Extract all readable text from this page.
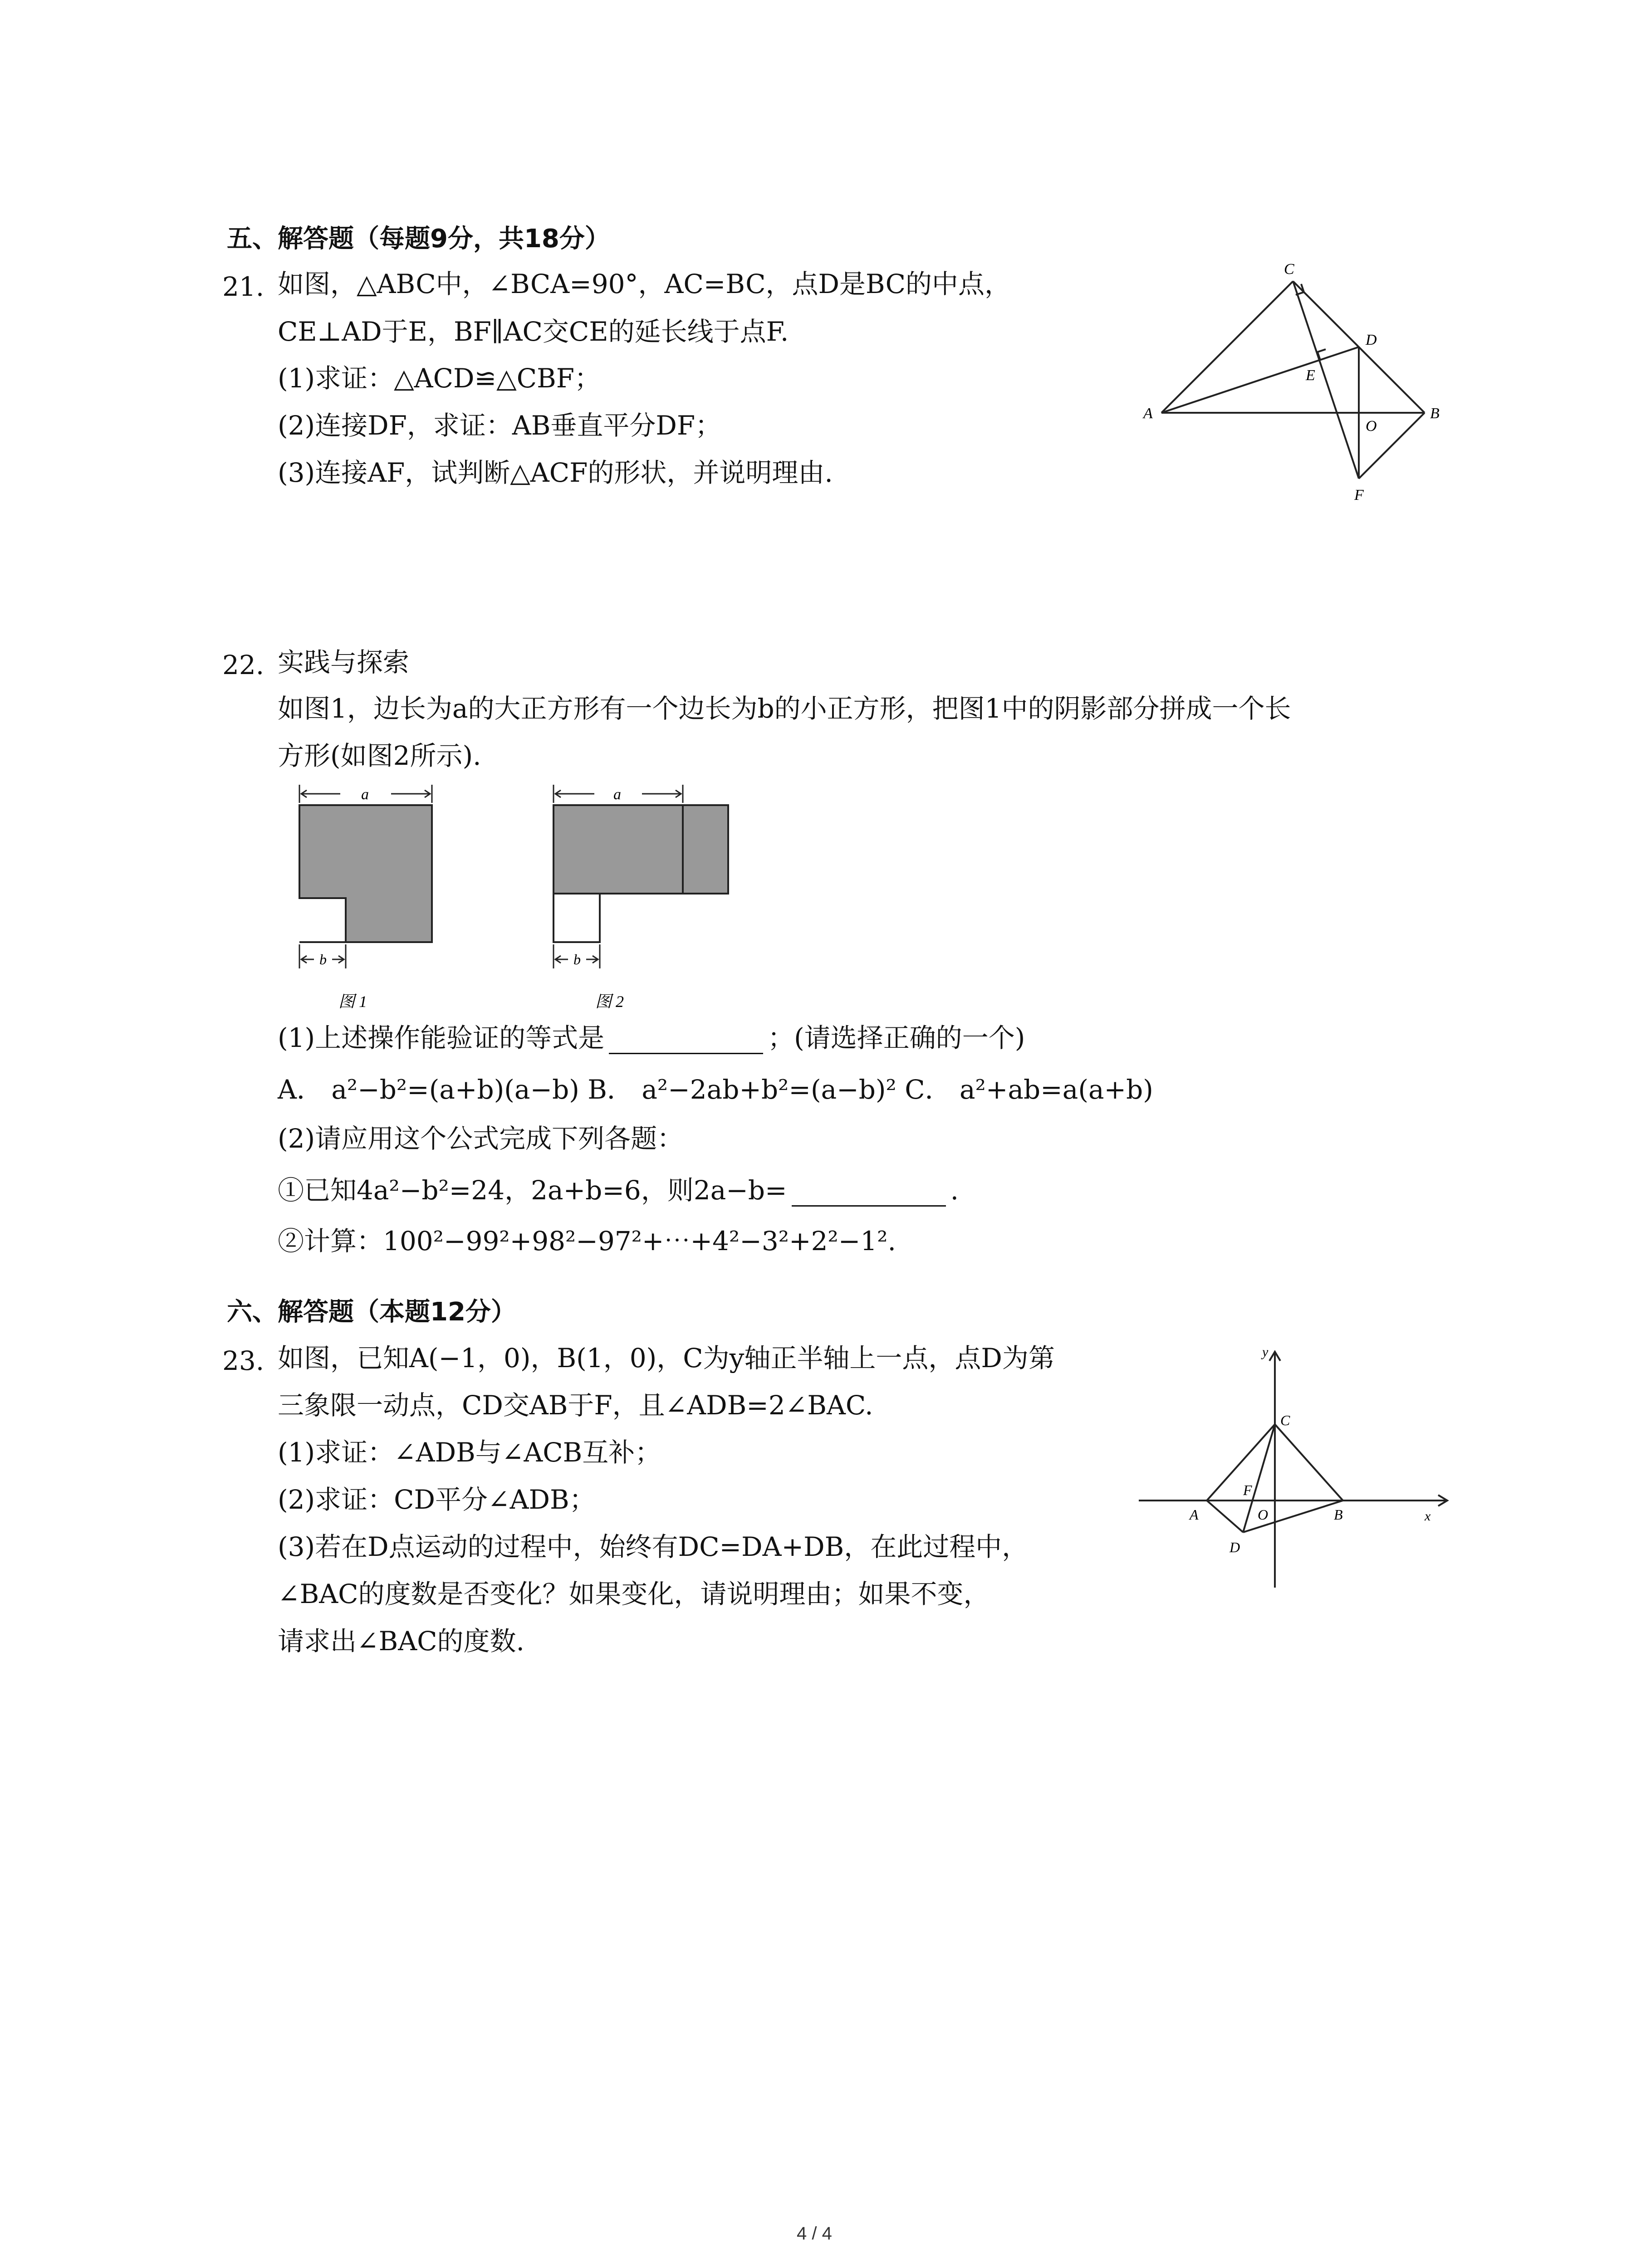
五、解答题（每题9分，共18分）
21. 如图，△ABC中，∠BCA=90°，AC=BC，点D是BC的中点，
CE⊥AD于E，BF∥AC交CE的延长线于点F.
(1)求证：△ACD≌△CBF；
(2)连接DF，求证：AB垂直平分DF；
(3)连接AF，试判断△ACF的形状，并说明理由.
C
D
E
A
O
B
F
22. 实践与探索
如图1，边长为a的大正方形有一个边长为b的小正方形，把图1中的阴影部分拼成一个长
方形(如图2所示).
a
b
图 1
a
b
图 2
(1)上述操作能验证的等式是	；(请选择正确的一个)
A． a²−b²=(a+b)(a−b) B． a²−2ab+b²=(a−b)² C． a²+ab=a(a+b)
(2)请应用这个公式完成下列各题：
①已知4a²−b²=24，2a+b=6，则2a−b=	.
②计算：100²−99²+98²−97²+⋯+4²−3²+2²−1².
六、解答题（本题12分）
23. 如图，已知A(−1，0)，B(1，0)，C为y轴正半轴上一点，点D为第
三象限一动点，CD交AB于F，且∠ADB=2∠BAC.
(1)求证：∠ADB与∠ACB互补；
(2)求证：CD平分∠ADB；
(3)若在D点运动的过程中，始终有DC=DA+DB，在此过程中，
∠BAC的度数是否变化？如果变化，请说明理由；如果不变，
请求出∠BAC的度数.
y
x
C
F
A	O	B
D
4 / 4
